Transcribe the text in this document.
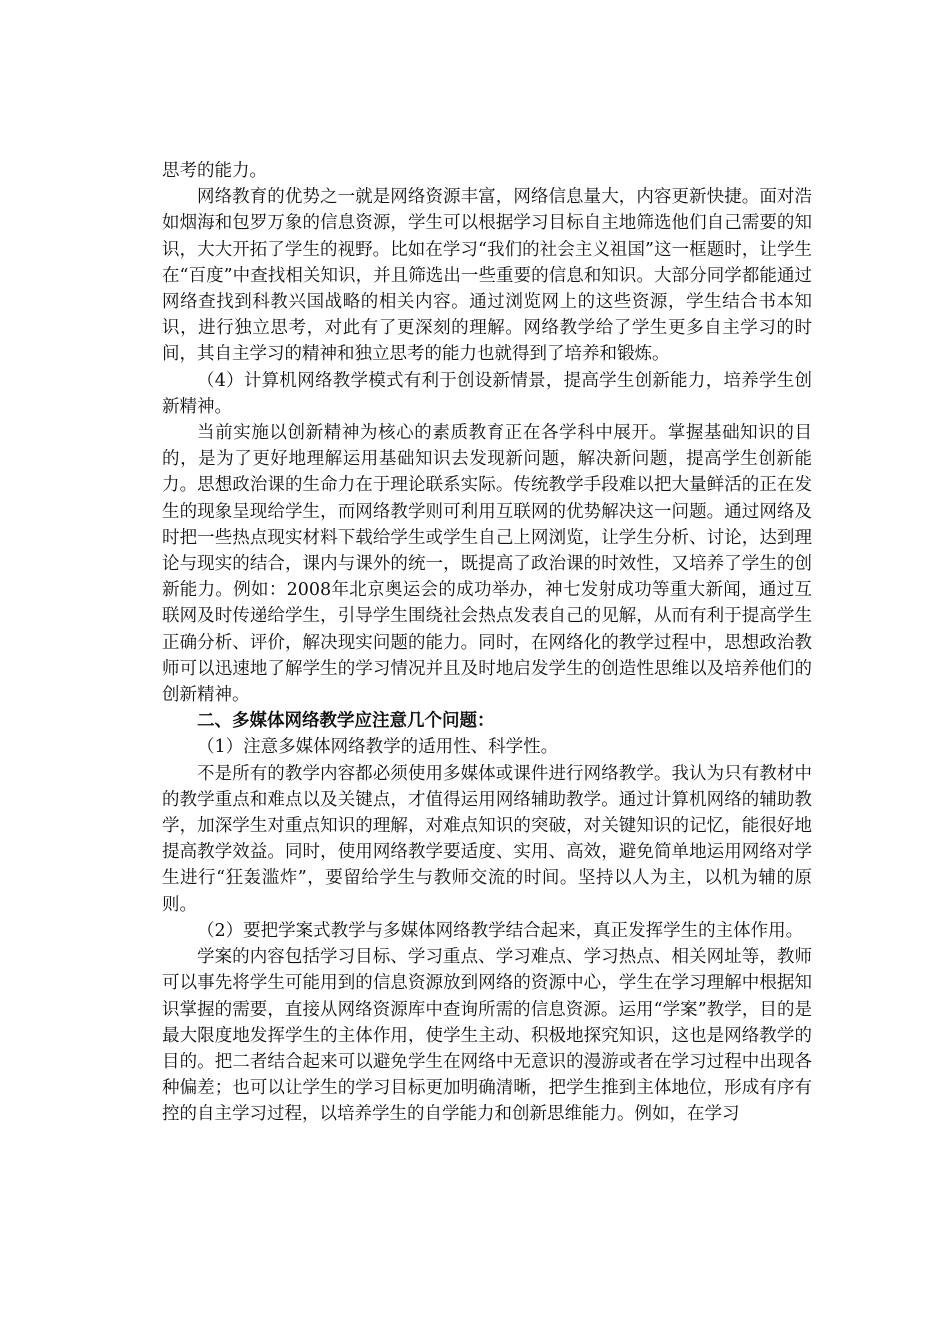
思考的能力。

网络教育的优势之一就是网络资源丰富，网络信息量大，内容更新快捷。面对浩如烟海和包罗万象的信息资源，学生可以根据学习目标自主地筛选他们自己需要的知识，大大开拓了学生的视野。比如在学习“我们的社会主义祖国”这一框题时，让学生在“百度”中查找相关知识，并且筛选出一些重要的信息和知识。大部分同学都能通过网络查找到科教兴国战略的相关内容。通过浏览网上的这些资源，学生结合书本知识，进行独立思考，对此有了更深刻的理解。网络教学给了学生更多自主学习的时间，其自主学习的精神和独立思考的能力也就得到了培养和锻炼。

（4）计算机网络教学模式有利于创设新情景，提高学生创新能力，培养学生创新精神。

当前实施以创新精神为核心的素质教育正在各学科中展开。掌握基础知识的目的，是为了更好地理解运用基础知识去发现新问题，解决新问题，提高学生创新能力。思想政治课的生命力在于理论联系实际。传统教学手段难以把大量鲜活的正在发生的现象呈现给学生，而网络教学则可利用互联网的优势解决这一问题。通过网络及时把一些热点现实材料下载给学生或学生自己上网浏览，让学生分析、讨论，达到理论与现实的结合，课内与课外的统一，既提高了政治课的时效性，又培养了学生的创新能力。例如：2008年北京奥运会的成功举办，神七发射成功等重大新闻，通过互联网及时传递给学生，引导学生围绕社会热点发表自己的见解，从而有利于提高学生正确分析、评价，解决现实问题的能力。同时，在网络化的教学过程中，思想政治教师可以迅速地了解学生的学习情况并且及时地启发学生的创造性思维以及培养他们的创新精神。

二、多媒体网络教学应注意几个问题：

（1）注意多媒体网络教学的适用性、科学性。

不是所有的教学内容都必须使用多媒体或课件进行网络教学。我认为只有教材中的教学重点和难点以及关键点，才值得运用网络辅助教学。通过计算机网络的辅助教学，加深学生对重点知识的理解，对难点知识的突破，对关键知识的记忆，能很好地提高教学效益。同时，使用网络教学要适度、实用、高效，避免简单地运用网络对学生进行“狂轰滥炸”，要留给学生与教师交流的时间。坚持以人为主，以机为辅的原则。

（2）要把学案式教学与多媒体网络教学结合起来，真正发挥学生的主体作用。

学案的内容包括学习目标、学习重点、学习难点、学习热点、相关网址等，教师可以事先将学生可能用到的信息资源放到网络的资源中心，学生在学习理解中根据知识掌握的需要，直接从网络资源库中查询所需的信息资源。运用“学案”教学，目的是最大限度地发挥学生的主体作用，使学生主动、积极地探究知识，这也是网络教学的目的。把二者结合起来可以避免学生在网络中无意识的漫游或者在学习过程中出现各种偏差；也可以让学生的学习目标更加明确清晰，把学生推到主体地位，形成有序有控的自主学习过程，以培养学生的自学能力和创新思维能力。例如，在学习
